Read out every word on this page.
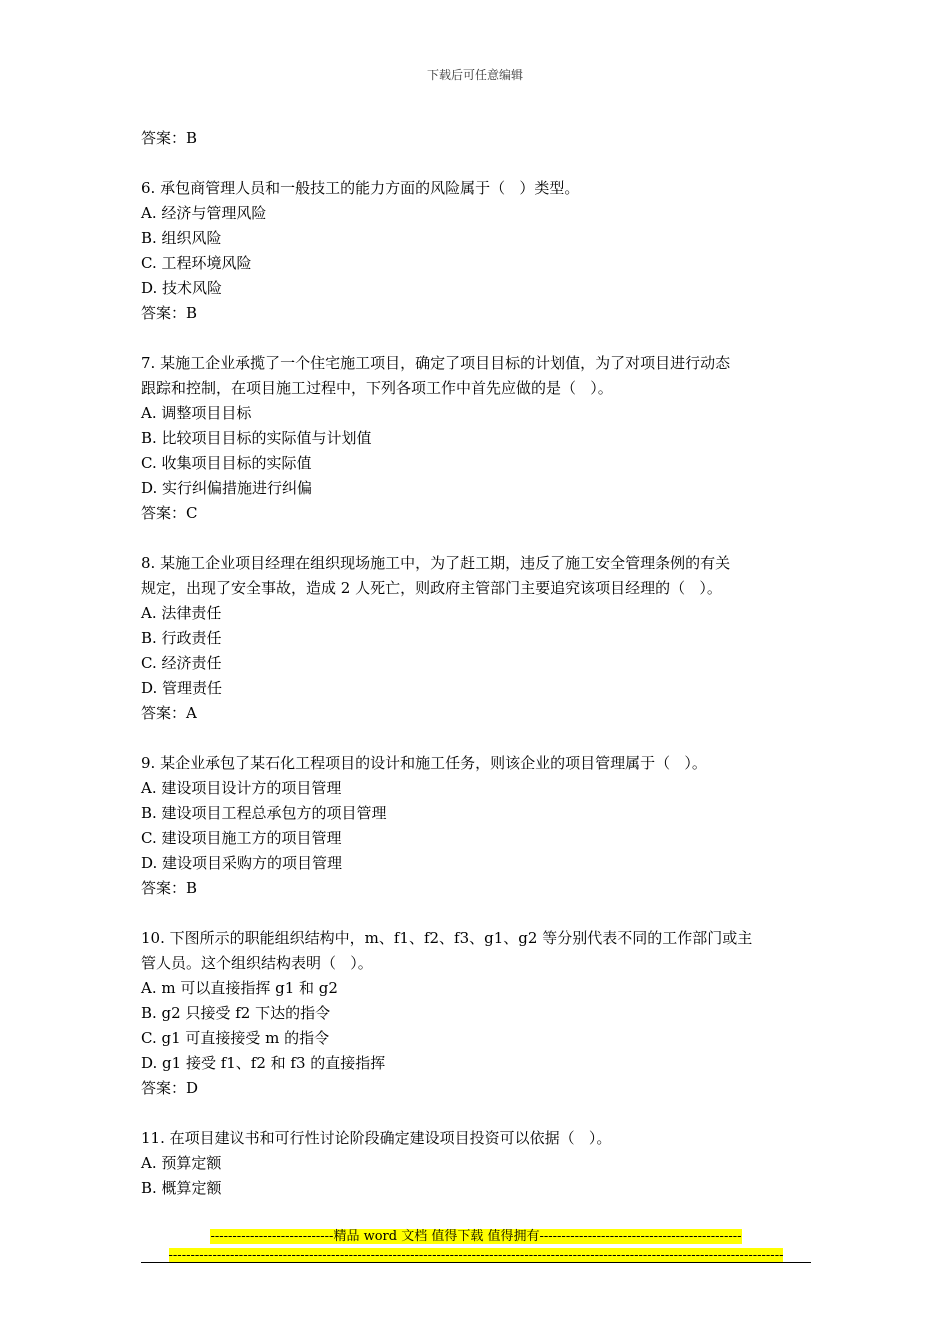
下载后可任意编辑
答案：B
6. 承包商管理人员和一般技工的能力方面的风险属于（   ）类型。
A. 经济与管理风险
B. 组织风险
C. 工程环境风险
D. 技术风险
答案：B
7. 某施工企业承揽了一个住宅施工项目，确定了项目目标的计划值，为了对项目进行动态
跟踪和控制，在项目施工过程中，下列各项工作中首先应做的是（   ）。
A. 调整项目目标
B. 比较项目目标的实际值与计划值
C. 收集项目目标的实际值
D. 实行纠偏措施进行纠偏
答案：C
8. 某施工企业项目经理在组织现场施工中，为了赶工期，违反了施工安全管理条例的有关
规定，出现了安全事故，造成 2 人死亡，则政府主管部门主要追究该项目经理的（   ）。
A. 法律责任
B. 行政责任
C. 经济责任
D. 管理责任
答案：A
9. 某企业承包了某石化工程项目的设计和施工任务，则该企业的项目管理属于（   ）。
A. 建设项目设计方的项目管理
B. 建设项目工程总承包方的项目管理
C. 建设项目施工方的项目管理
D. 建设项目采购方的项目管理
答案：B
10. 下图所示的职能组织结构中，m、f1、f2、f3、g1、g2 等分别代表不同的工作部门或主
管人员。这个组织结构表明（   ）。
A. m 可以直接指挥 g1 和 g2
B. g2 只接受 f2 下达的指令
C. g1 可直接接受 m 的指令
D. g1 接受 f1、f2 和 f3 的直接指挥
答案：D
11. 在项目建议书和可行性讨论阶段确定建设项目投资可以依据（   ）。
A. 预算定额
B. 概算定额
----------------------------精品 word 文档 值得下载 值得拥有----------------------------------------------
--------------------------------------------------------------------------------------------------------------------------------------------
